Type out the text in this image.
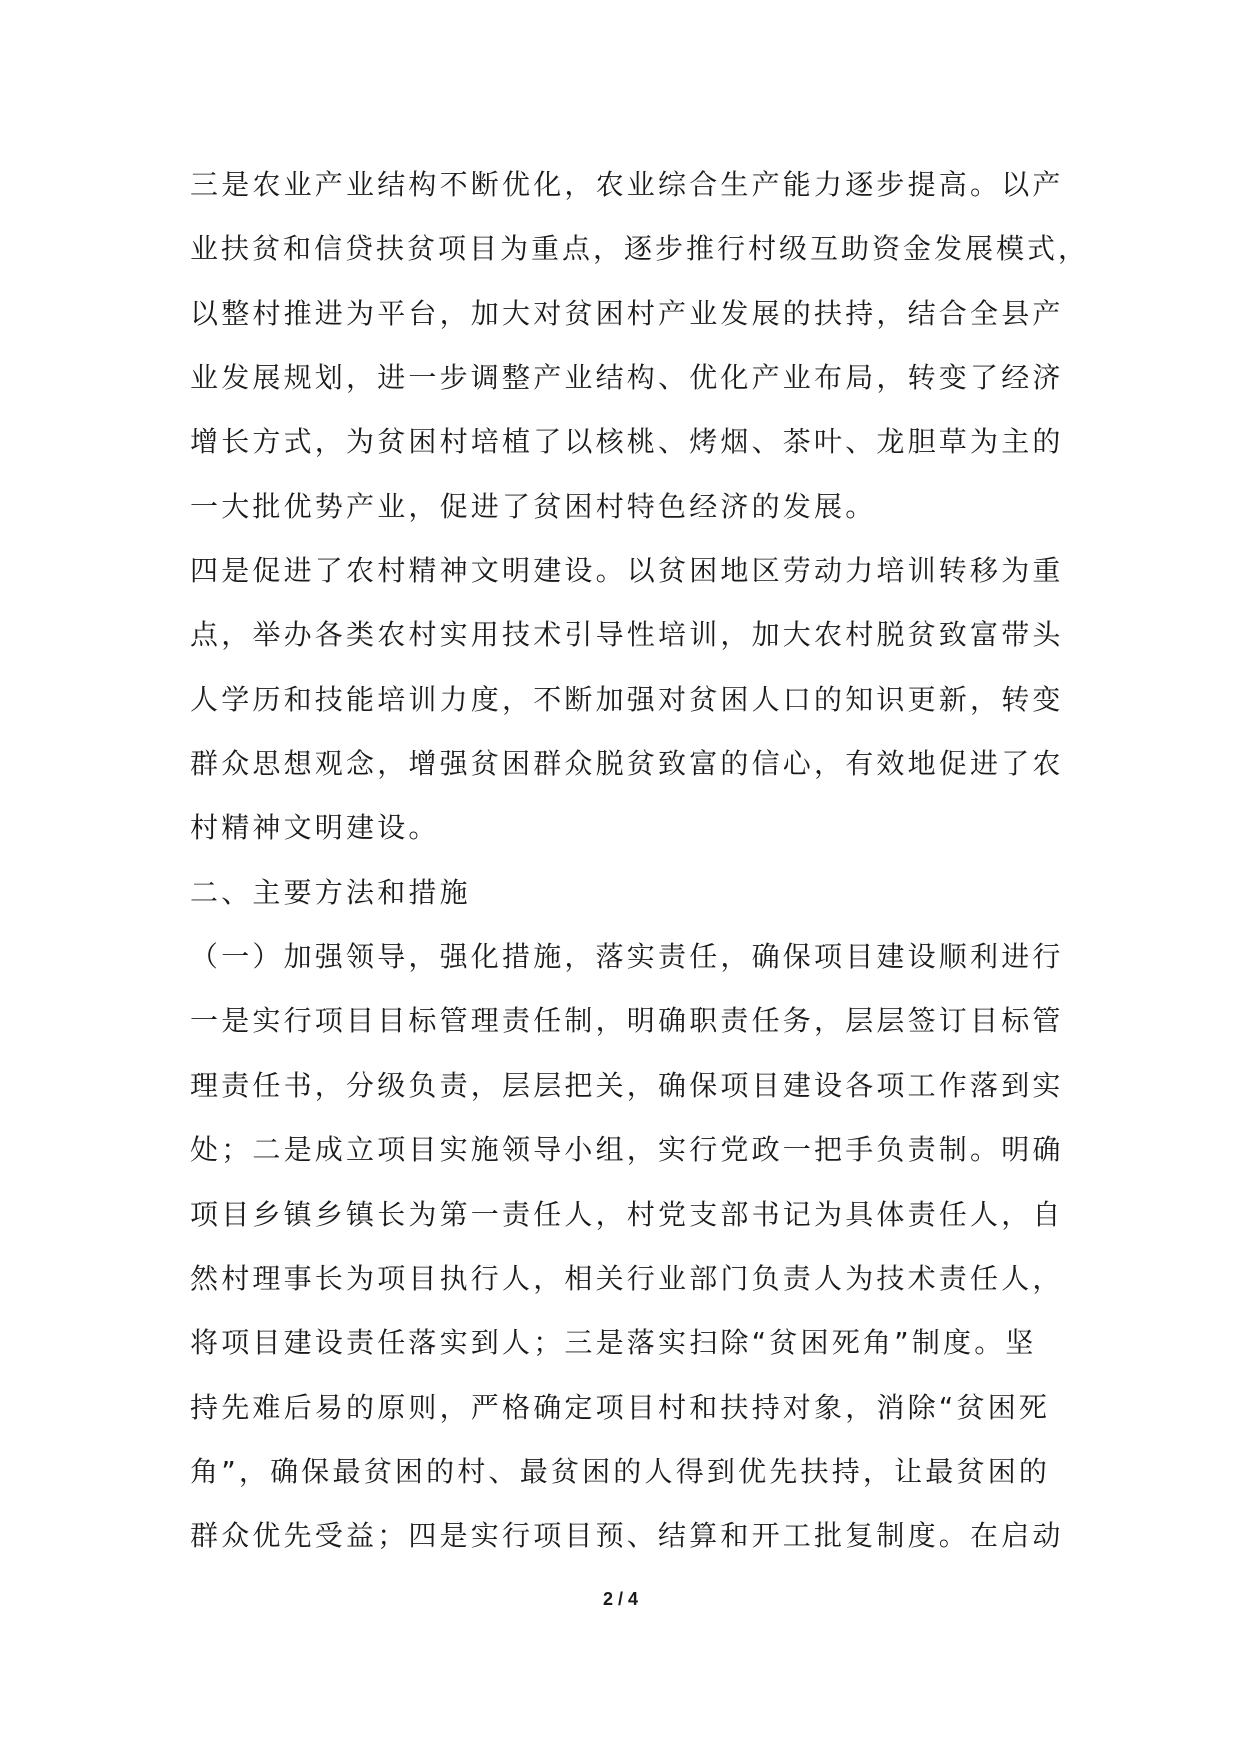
三是农业产业结构不断优化，农业综合生产能力逐步提高。以产
业扶贫和信贷扶贫项目为重点，逐步推行村级互助资金发展模式，
以整村推进为平台，加大对贫困村产业发展的扶持，结合全县产
业发展规划，进一步调整产业结构、优化产业布局，转变了经济
增长方式，为贫困村培植了以核桃、烤烟、茶叶、龙胆草为主的
一大批优势产业，促进了贫困村特色经济的发展。
四是促进了农村精神文明建设。以贫困地区劳动力培训转移为重
点，举办各类农村实用技术引导性培训，加大农村脱贫致富带头
人学历和技能培训力度，不断加强对贫困人口的知识更新，转变
群众思想观念，增强贫困群众脱贫致富的信心，有效地促进了农
村精神文明建设。
二、主要方法和措施
（一）加强领导，强化措施，落实责任，确保项目建设顺利进行
一是实行项目目标管理责任制，明确职责任务，层层签订目标管
理责任书，分级负责，层层把关，确保项目建设各项工作落到实
处；二是成立项目实施领导小组，实行党政一把手负责制。明确
项目乡镇乡镇长为第一责任人，村党支部书记为具体责任人，自
然村理事长为项目执行人，相关行业部门负责人为技术责任人，
将项目建设责任落实到人；三是落实扫除“贫困死角”制度。坚
持先难后易的原则，严格确定项目村和扶持对象，消除“贫困死
角”，确保最贫困的村、最贫困的人得到优先扶持，让最贫困的
群众优先受益；四是实行项目预、结算和开工批复制度。在启动
2 / 4
